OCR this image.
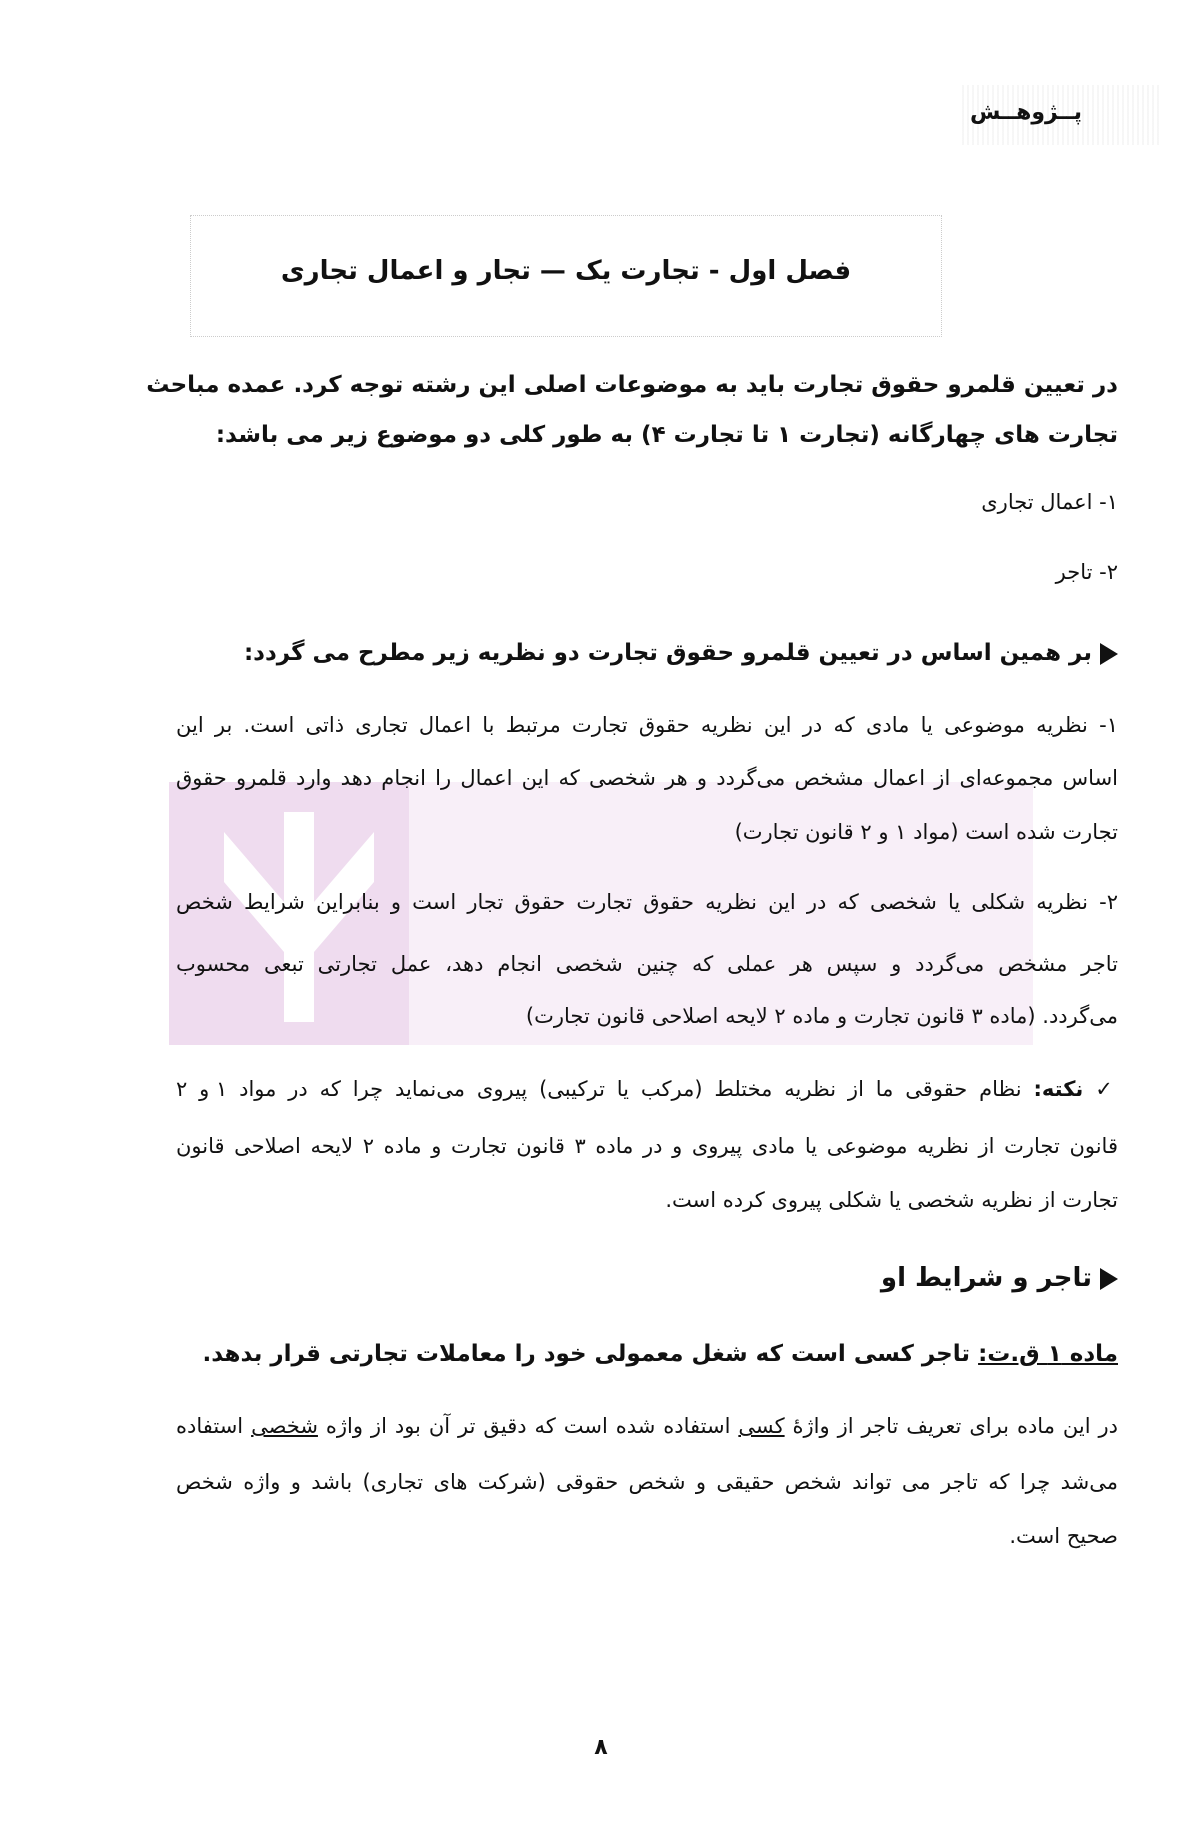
پــژوهــش
فصل اول - تجارت یک — تجار و اعمال تجاری
در تعیین قلمرو حقوق تجارت باید به موضوعات اصلی این رشته توجه کرد. عمده مباحث
تجارت های چهارگانه (تجارت ۱ تا تجارت ۴) به طور کلی دو موضوع زیر می باشد:
۱- اعمال تجاری
۲- تاجر
بر همین اساس در تعیین قلمرو حقوق تجارت دو نظریه زیر مطرح می گردد:
۱- نظریه موضوعی یا مادی که در این نظریه حقوق تجارت مرتبط با اعمال تجاری ذاتی است. بر این
اساس مجموعه‌ای از اعمال مشخص می‌گردد و هر شخصی که این اعمال را انجام دهد وارد قلمرو حقوق
تجارت شده است (مواد ۱ و ۲ قانون تجارت)
۲- نظریه شکلی یا شخصی که در این نظریه حقوق تجارت حقوق تجار است و بنابراین شرایط شخص
تاجر مشخص می‌گردد و سپس هر عملی که چنین شخصی انجام دهد، عمل تجارتی تبعی محسوب
می‌گردد. (ماده ۳ قانون تجارت و ماده ۲ لایحه اصلاحی قانون تجارت)
✓ نکته: نظام حقوقی ما از نظریه مختلط (مرکب یا ترکیبی) پیروی می‌نماید چرا که در مواد ۱ و ۲
قانون تجارت از نظریه موضوعی یا مادی پیروی و در ماده ۳ قانون تجارت و ماده ۲ لایحه اصلاحی قانون
تجارت از نظریه شخصی یا شکلی پیروی کرده است.
تاجر و شرایط او
ماده ۱ ق.ت: تاجر کسی است که شغل معمولی خود را معاملات تجارتی قرار بدهد.
در این ماده برای تعریف تاجر از واژهٔ کسی استفاده شده است که دقیق تر آن بود از واژه شخصی استفاده
می‌شد چرا که تاجر می تواند شخص حقیقی و شخص حقوقی (شرکت های تجاری) باشد و واژه شخص
صحیح است.
۸
